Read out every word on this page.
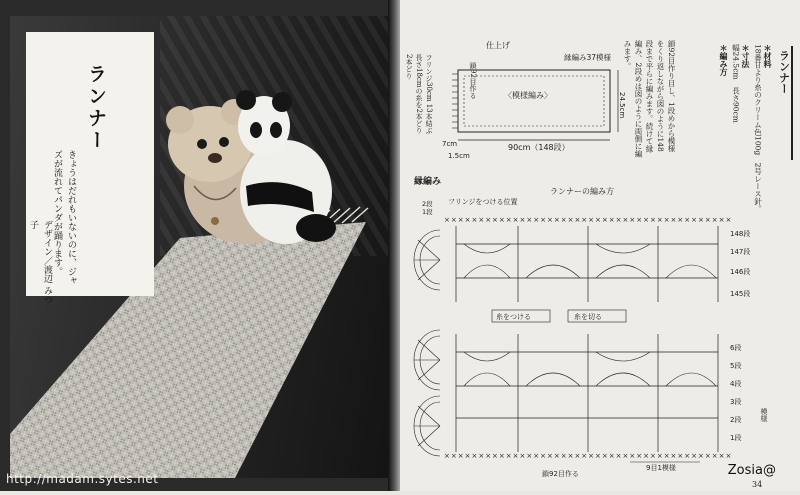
ランナー
きょうはだれもいないのに、ジャズが流れてパンダが踊ります。
デザイン／渡辺 みつ子
http://madam.sytes.net
ランナー
＊材料
18番甘より糸のクリーム色100g　2号レース針。
＊寸法
幅24.5cm　長さ90cm
＊編み方
鎖92目作り目し、1段めから模様をくり返しながら図のように148段まで平らに編みます。続けて縁編み、2段めは図のように両側に編みます。
仕上げ
縁編み37模様
〈模様編み〉
90cm（148段）
24.5cm
7cm
1.5cm
フリンジ30cm 13本結ぶ　長さ18cmの糸を2本どり　2本どり	鎖92目作る
縁編み
ランナーの編み方
フリンジをつける位置
2段
1段
××××××××××××××××××××××××××××××××××××××××××
××××××××××××××××××××××××××××××××××××××××××
糸をつける	糸を切る
148段
147段
146段
145段
6段
5段
4段
3段
2段
1段
模様
9目1模様
鎖92目作る	Zosia@
34
